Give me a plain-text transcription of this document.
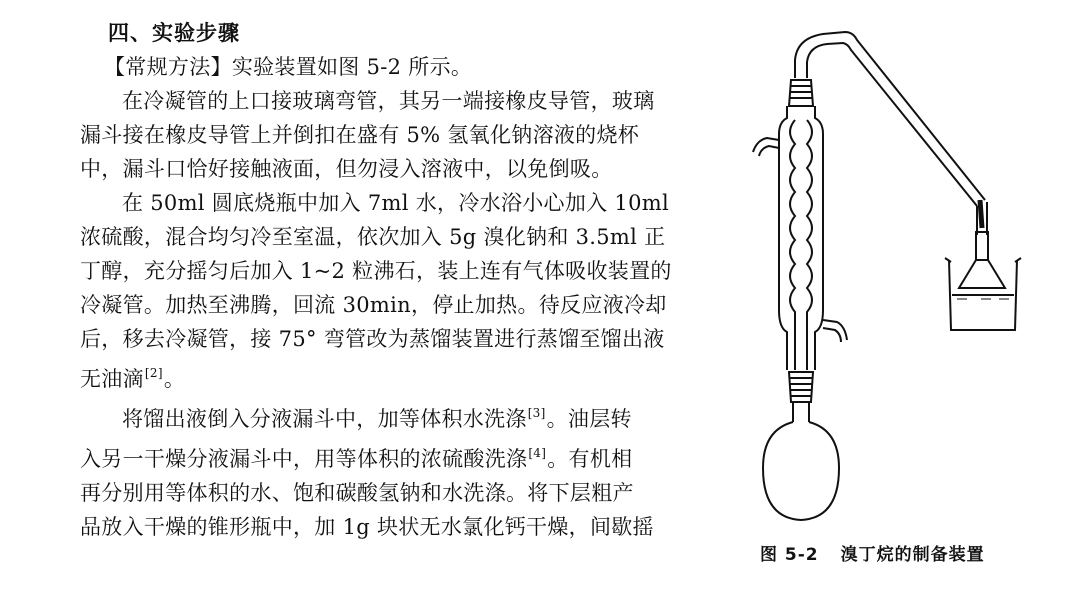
四、实验步骤
【常规方法】实验装置如图 5-2 所示。
在冷凝管的上口接玻璃弯管，其另一端接橡皮导管，玻璃
漏斗接在橡皮导管上并倒扣在盛有 5% 氢氧化钠溶液的烧杯
中，漏斗口恰好接触液面，但勿浸入溶液中，以免倒吸。
在 50ml 圆底烧瓶中加入 7ml 水，冷水浴小心加入 10ml
浓硫酸，混合均匀冷至室温，依次加入 5g 溴化钠和 3.5ml 正
丁醇，充分摇匀后加入 1~2 粒沸石，装上连有气体吸收装置的
冷凝管。加热至沸腾，回流 30min，停止加热。待反应液冷却
后，移去冷凝管，接 75° 弯管改为蒸馏装置进行蒸馏至馏出液
无油滴[2]。
将馏出液倒入分液漏斗中，加等体积水洗涤[3]。油层转
入另一干燥分液漏斗中，用等体积的浓硫酸洗涤[4]。有机相
再分别用等体积的水、饱和碳酸氢钠和水洗涤。将下层粗产
品放入干燥的锥形瓶中，加 1g 块状无水氯化钙干燥，间歇摇
图 5-2 溴丁烷的制备装置
